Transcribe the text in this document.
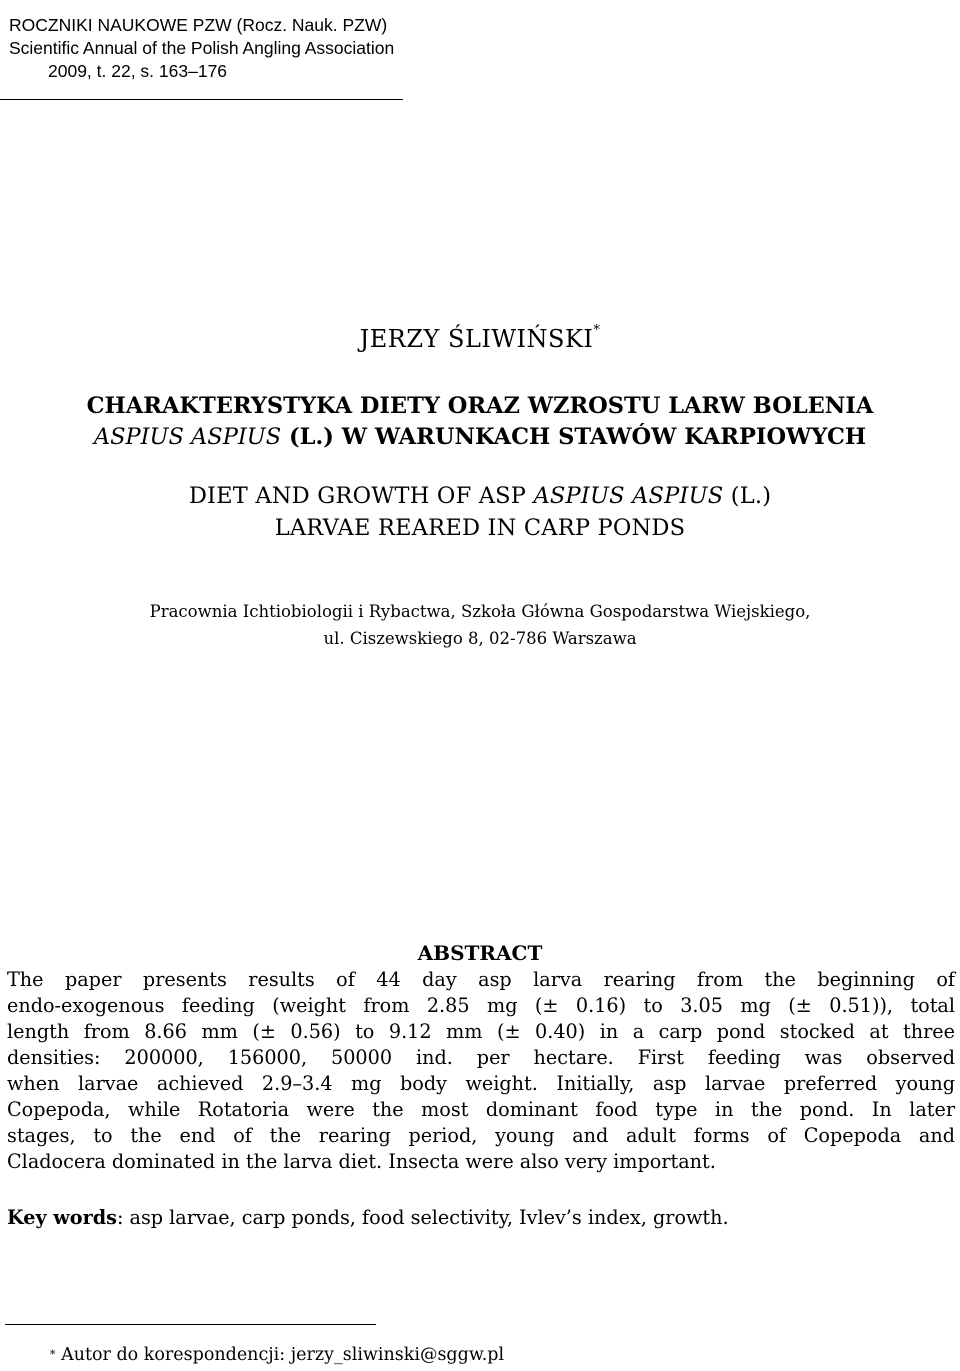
ROCZNIKI NAUKOWE PZW (Rocz. Nauk. PZW)
Scientific Annual of the Polish Angling Association
2009, t. 22, s. 163–176
JERZY ŚLIWIŃSKI*
CHARAKTERYSTYKA DIETY ORAZ WZROSTU LARW BOLENIA
ASPIUS ASPIUS (L.) W WARUNKACH STAWÓW KARPIOWYCH
DIET AND GROWTH OF ASP ASPIUS ASPIUS (L.)
LARVAE REARED IN CARP PONDS
Pracownia Ichtiobiologii i Rybactwa, Szkoła Główna Gospodarstwa Wiejskiego,
ul. Ciszewskiego 8, 02-786 Warszawa
ABSTRACT
The paper presents results of 44 day asp larva rearing from the beginning of
endo-exogenous feeding (weight from 2.85 mg (± 0.16) to 3.05 mg (± 0.51)), total
length from 8.66 mm (± 0.56) to 9.12 mm (± 0.40) in a carp pond stocked at three
densities: 200000, 156000, 50000 ind. per hectare. First feeding was observed
when larvae achieved 2.9–3.4 mg body weight. Initially, asp larvae preferred young
Copepoda, while Rotatoria were the most dominant food type in the pond. In later
stages, to the end of the rearing period, young and adult forms of Copepoda and
Cladocera dominated in the larva diet. Insecta were also very important.
Key words: asp larvae, carp ponds, food selectivity, Ivlev’s index, growth.
* Autor do korespondencji: jerzy_sliwinski@sggw.pl
